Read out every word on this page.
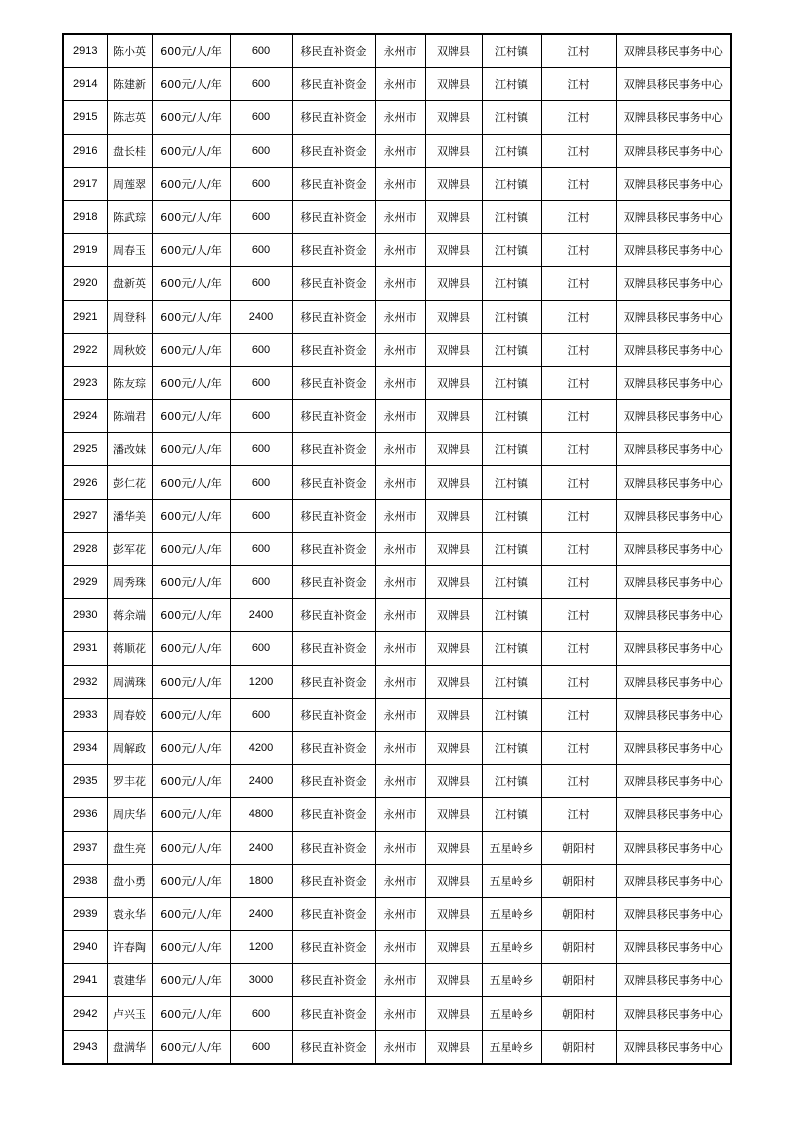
2913	陈小英	600元/人/年	600	移民直补资金	永州市	双牌县	江村镇	江村	双牌县移民事务中心
2914	陈建新	600元/人/年	600	移民直补资金	永州市	双牌县	江村镇	江村	双牌县移民事务中心
2915	陈志英	600元/人/年	600	移民直补资金	永州市	双牌县	江村镇	江村	双牌县移民事务中心
2916	盘长桂	600元/人/年	600	移民直补资金	永州市	双牌县	江村镇	江村	双牌县移民事务中心
2917	周莲翠	600元/人/年	600	移民直补资金	永州市	双牌县	江村镇	江村	双牌县移民事务中心
2918	陈武琮	600元/人/年	600	移民直补资金	永州市	双牌县	江村镇	江村	双牌县移民事务中心
2919	周春玉	600元/人/年	600	移民直补资金	永州市	双牌县	江村镇	江村	双牌县移民事务中心
2920	盘新英	600元/人/年	600	移民直补资金	永州市	双牌县	江村镇	江村	双牌县移民事务中心
2921	周登科	600元/人/年	2400	移民直补资金	永州市	双牌县	江村镇	江村	双牌县移民事务中心
2922	周秋姣	600元/人/年	600	移民直补资金	永州市	双牌县	江村镇	江村	双牌县移民事务中心
2923	陈友琮	600元/人/年	600	移民直补资金	永州市	双牌县	江村镇	江村	双牌县移民事务中心
2924	陈端君	600元/人/年	600	移民直补资金	永州市	双牌县	江村镇	江村	双牌县移民事务中心
2925	潘改妹	600元/人/年	600	移民直补资金	永州市	双牌县	江村镇	江村	双牌县移民事务中心
2926	彭仁花	600元/人/年	600	移民直补资金	永州市	双牌县	江村镇	江村	双牌县移民事务中心
2927	潘华美	600元/人/年	600	移民直补资金	永州市	双牌县	江村镇	江村	双牌县移民事务中心
2928	彭军花	600元/人/年	600	移民直补资金	永州市	双牌县	江村镇	江村	双牌县移民事务中心
2929	周秀珠	600元/人/年	600	移民直补资金	永州市	双牌县	江村镇	江村	双牌县移民事务中心
2930	蒋余端	600元/人/年	2400	移民直补资金	永州市	双牌县	江村镇	江村	双牌县移民事务中心
2931	蒋顺花	600元/人/年	600	移民直补资金	永州市	双牌县	江村镇	江村	双牌县移民事务中心
2932	周满珠	600元/人/年	1200	移民直补资金	永州市	双牌县	江村镇	江村	双牌县移民事务中心
2933	周春姣	600元/人/年	600	移民直补资金	永州市	双牌县	江村镇	江村	双牌县移民事务中心
2934	周解政	600元/人/年	4200	移民直补资金	永州市	双牌县	江村镇	江村	双牌县移民事务中心
2935	罗丰花	600元/人/年	2400	移民直补资金	永州市	双牌县	江村镇	江村	双牌县移民事务中心
2936	周庆华	600元/人/年	4800	移民直补资金	永州市	双牌县	江村镇	江村	双牌县移民事务中心
2937	盘生亮	600元/人/年	2400	移民直补资金	永州市	双牌县	五星岭乡	朝阳村	双牌县移民事务中心
2938	盘小勇	600元/人/年	1800	移民直补资金	永州市	双牌县	五星岭乡	朝阳村	双牌县移民事务中心
2939	袁永华	600元/人/年	2400	移民直补资金	永州市	双牌县	五星岭乡	朝阳村	双牌县移民事务中心
2940	许春陶	600元/人/年	1200	移民直补资金	永州市	双牌县	五星岭乡	朝阳村	双牌县移民事务中心
2941	袁建华	600元/人/年	3000	移民直补资金	永州市	双牌县	五星岭乡	朝阳村	双牌县移民事务中心
2942	卢兴玉	600元/人/年	600	移民直补资金	永州市	双牌县	五星岭乡	朝阳村	双牌县移民事务中心
2943	盘满华	600元/人/年	600	移民直补资金	永州市	双牌县	五星岭乡	朝阳村	双牌县移民事务中心
